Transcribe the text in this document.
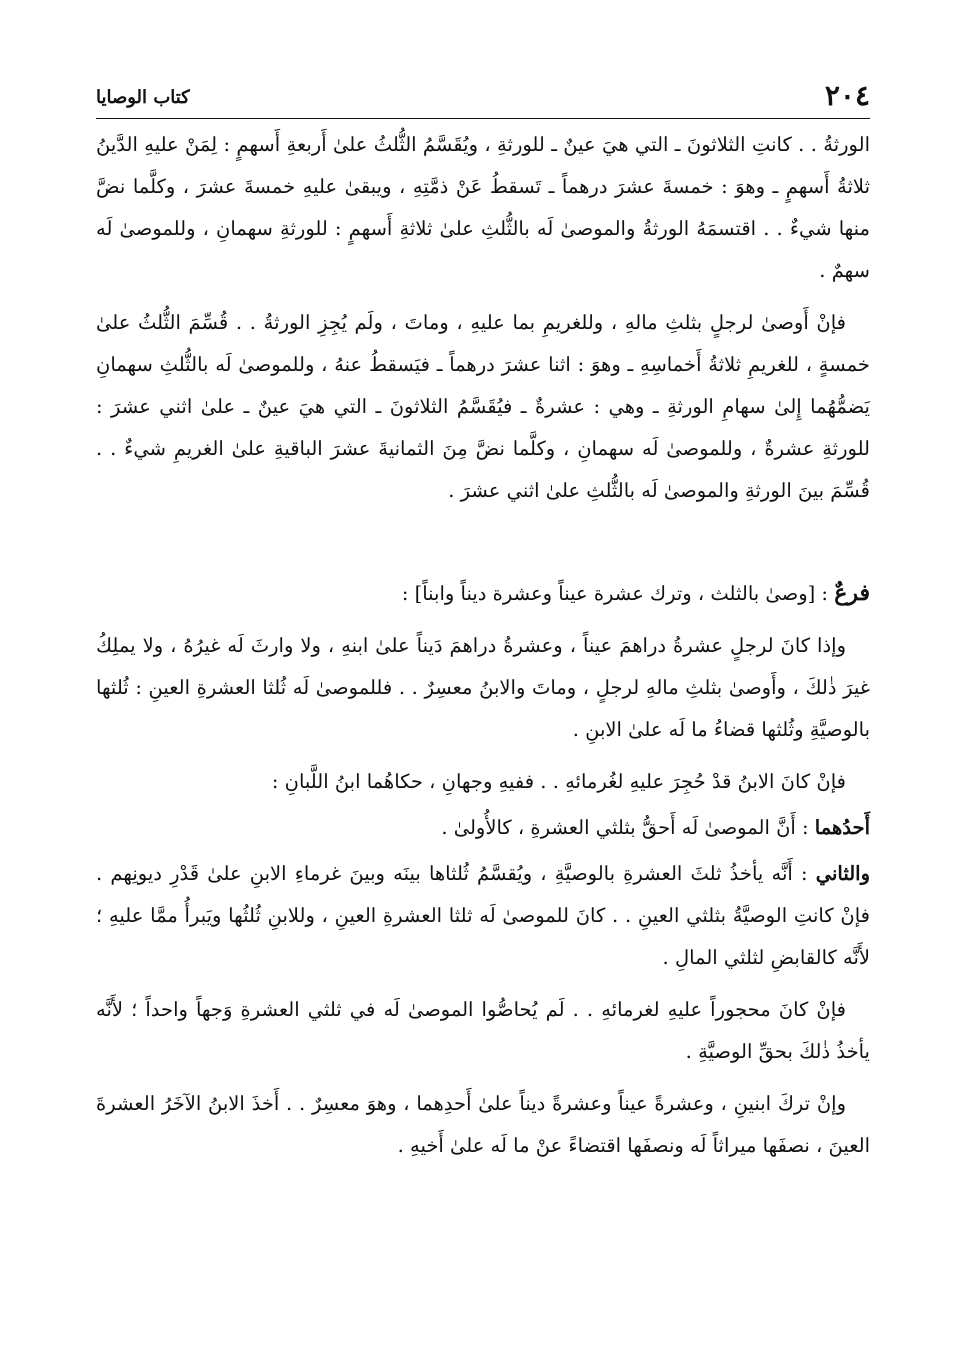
٢٠٤
كتاب الوصايا

الورثةُ . . كانتِ الثلاثونَ ـ التي هيَ عينٌ ـ للورثةِ ، ويُقَسَّمُ الثُّلثُ علىٰ أَربعةِ أَسهمٍ : لِمَنْ عليهِ الدَّينُ ثلاثةُ أَسهمٍ ـ وهوَ : خمسةَ عشرَ درهماً ـ تَسقطُ عَنْ ذمَّتِهِ ، ويبقىٰ عليهِ خمسةَ عشرَ ، وكلَّما نضَّ منها شيءٌ . . اقتسمَهُ الورثةُ والموصىٰ لَه بالثُّلثِ علىٰ ثلاثةِ أَسهمٍ : للورثةِ سهمانِ ، وللموصىٰ لَه سهمٌ .

فإنْ أَوصىٰ لرجلٍ بثلثِ مالهِ ، وللغريمِ بما عليهِ ، وماتَ ، ولَم يُجِزِ الورثةُ . . قُسِّمَ الثُّلثُ علىٰ خمسةٍ ، للغريمِ ثلاثةُ أَخماسِهِ ـ وهوَ : اثنا عشرَ درهماً ـ فيَسقطُ عنهُ ، وللموصىٰ لَه بالثُّلثِ سهمانِ يَضمُّهُما إِلىٰ سهامِ الورثةِ ـ وهي : عشرةٌ ـ فيُقَسَّمُ الثلاثونَ ـ التي هيَ عينٌ ـ علىٰ اثني عشرَ : للورثةِ عشرةٌ ، وللموصىٰ لَه سهمانِ ، وكلَّما نضَّ مِنَ الثمانيةَ عشرَ الباقيةِ علىٰ الغريمِ شيءٌ . . قُسِّمَ بينَ الورثةِ والموصىٰ لَه بالثُّلثِ علىٰ اثني عشرَ .

فرعٌ : [وصىٰ بالثلث ، وترك عشرة عيناً وعشرة ديناً وابناً] :

وإذا كانَ لرجلٍ عشرةُ دراهمَ عيناً ، وعشرةُ دراهمَ دَيناً علىٰ ابنهِ ، ولا وارثَ لَه غيرُهُ ، ولا يملِكُ غيرَ ذٰلكَ ، وأَوصىٰ بثلثِ مالهِ لرجلٍ ، وماتَ والابنُ معسِرٌ . . فللموصىٰ لَه ثُلثا العشرةِ العينِ : ثُلثها بالوصيَّةِ وثُلثها قضاءُ ما لَه علىٰ الابنِ .

فإنْ كانَ الابنُ قدْ حُجِرَ عليهِ لغُرمائهِ . . ففيهِ وجهانِ ، حكاهُما ابنُ اللَّبانِ :

أَحدُهما : أَنَّ الموصىٰ لَه أَحقُّ بثلثي العشرةِ ، كالأُولىٰ .

والثاني : أَنَّه يأخذُ ثلثَ العشرةِ بالوصيَّةِ ، ويُقسَّمُ ثُلثاها بينَه وبينَ غرماءِ الابنِ علىٰ قَدْرِ ديونِهم . فإنْ كانتِ الوصيَّةُ بثلثي العينِ . . كانَ للموصىٰ لَه ثلثا العشرةِ العينِ ، وللابنِ ثُلثُها ويَبرأُ ممَّا عليهِ ؛ لأَنَّه كالقابضِ لثلثي المالِ .

فإنْ كانَ محجوراً عليهِ لغرمائهِ . . لَم يُحاصُّوا الموصىٰ لَه في ثلثي العشرةِ وَجهاً واحداً ؛ لأَنَّه يأخذُ ذٰلكَ بحقِّ الوصيَّةِ .

وإنْ تركَ ابنينِ ، وعشرةً عيناً وعشرةً ديناً علىٰ أَحدِهما ، وهوَ معسِرٌ . . أَخذَ الابنُ الآخَرُ العشرةَ العينَ ، نصفَها ميراثاً لَه ونصفَها اقتضاءً عنْ ما لَه علىٰ أَخيهِ .
